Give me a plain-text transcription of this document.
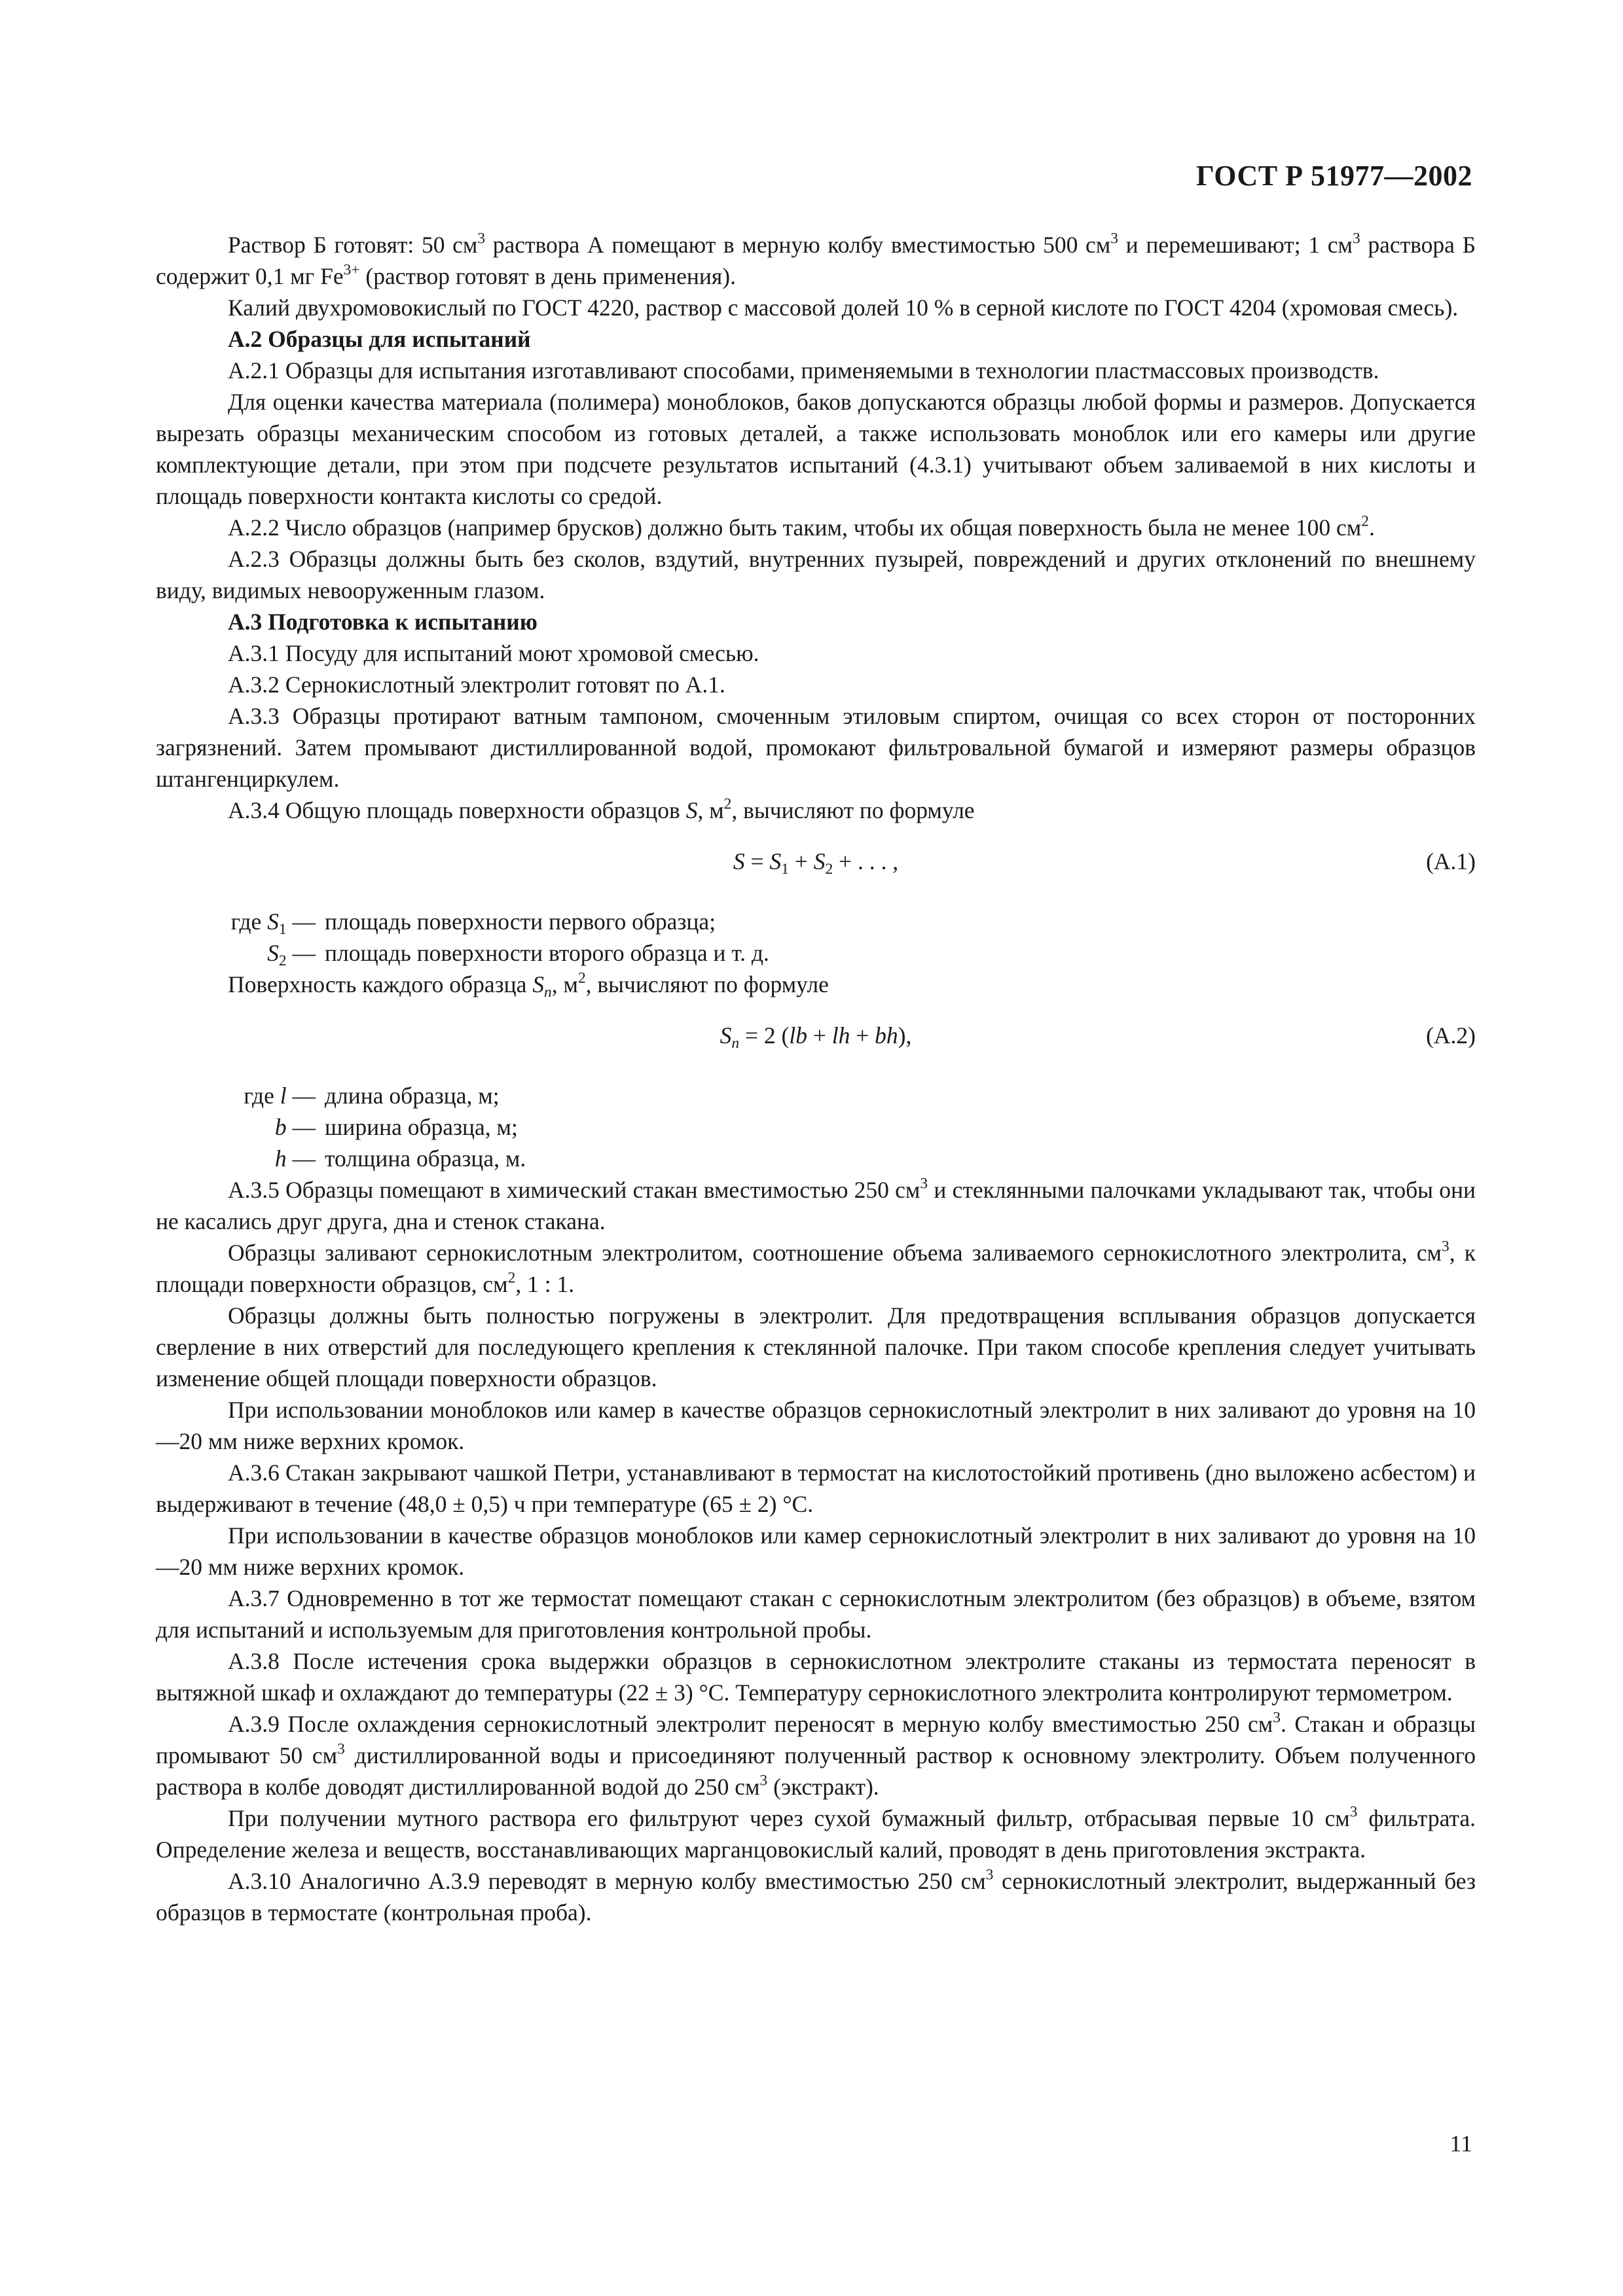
ГОСТ Р 51977—2002

Раствор Б готовят: 50 $см^3$ раствора А помещают в мерную колбу вместимостью 500 $см^3$ и перемешивают; 1 $см^3$ раствора Б содержит 0,1 мг $Fe^{3+}$ (раствор готовят в день применения).

Калий двухромовокислый по ГОСТ 4220, раствор с массовой долей 10 % в серной кислоте по ГОСТ 4204 (хромовая смесь).

А.2 Образцы для испытаний

А.2.1 Образцы для испытания изготавливают способами, применяемыми в технологии пластмассовых производств.

Для оценки качества материала (полимера) моноблоков, баков допускаются образцы любой формы и размеров. Допускается вырезать образцы механическим способом из готовых деталей, а также использовать моноблок или его камеры или другие комплектующие детали, при этом при подсчете результатов испытаний (4.3.1) учитывают объем заливаемой в них кислоты и площадь поверхности контакта кислоты со средой.

А.2.2 Число образцов (например брусков) должно быть таким, чтобы их общая поверхность была не менее 100 $см^2$.

А.2.3 Образцы должны быть без сколов, вздутий, внутренних пузырей, повреждений и других отклонений по внешнему виду, видимых невооруженным глазом.

А.3 Подготовка к испытанию

А.3.1 Посуду для испытаний моют хромовой смесью.

А.3.2 Сернокислотный электролит готовят по А.1.

А.3.3 Образцы протирают ватным тампоном, смоченным этиловым спиртом, очищая со всех сторон от посторонних загрязнений. Затем промывают дистиллированной водой, промокают фильтровальной бумагой и измеряют размеры образцов штангенциркулем.

А.3.4 Общую площадь поверхности образцов S, $м^2$, вычисляют по формуле

$S = S_1 + S_2$ + . . . ,	(А.1)
где $S_1$ — площадь поверхности первого образца;
$S_2$ — площадь поверхности второго образца и т. д.

Поверхность каждого образца $S_n$, $м^2$, вычисляют по формуле

$S_n = 2$ (lb + lh + bh),	(А.2)
где l — длина образца, м;
b — ширина образца, м;
h — толщина образца, м.

А.3.5 Образцы помещают в химический стакан вместимостью 250 $см^3$ и стеклянными палочками укладывают так, чтобы они не касались друг друга, дна и стенок стакана.

Образцы заливают сернокислотным электролитом, соотношение объема заливаемого сернокислотного электролита, $см^3$, к площади поверхности образцов, $см^2$, 1 : 1.

Образцы должны быть полностью погружены в электролит. Для предотвращения всплывания образцов допускается сверление в них отверстий для последующего крепления к стеклянной палочке. При таком способе крепления следует учитывать изменение общей площади поверхности образцов.

При использовании моноблоков или камер в качестве образцов сернокислотный электролит в них заливают до уровня на 10—20 мм ниже верхних кромок.

А.3.6 Стакан закрывают чашкой Петри, устанавливают в термостат на кислотостойкий противень (дно выложено асбестом) и выдерживают в течение (48,0 ± 0,5) ч при температуре (65 ± 2) °С.

При использовании в качестве образцов моноблоков или камер сернокислотный электролит в них заливают до уровня на 10—20 мм ниже верхних кромок.

А.3.7 Одновременно в тот же термостат помещают стакан с сернокислотным электролитом (без образцов) в объеме, взятом для испытаний и используемым для приготовления контрольной пробы.

А.3.8 После истечения срока выдержки образцов в сернокислотном электролите стаканы из термостата переносят в вытяжной шкаф и охлаждают до температуры (22 ± 3) °С. Температуру сернокислотного электролита контролируют термометром.

А.3.9 После охлаждения сернокислотный электролит переносят в мерную колбу вместимостью 250 $см^3$. Стакан и образцы промывают 50 $см^3$ дистиллированной воды и присоединяют полученный раствор к основному электролиту. Объем полученного раствора в колбе доводят дистиллированной водой до 250 $см^3$ (экстракт).

При получении мутного раствора его фильтруют через сухой бумажный фильтр, отбрасывая первые 10 $см^3$ фильтрата. Определение железа и веществ, восстанавливающих марганцовокислый калий, проводят в день приготовления экстракта.

А.3.10 Аналогично А.3.9 переводят в мерную колбу вместимостью 250 $см^3$ сернокислотный электролит, выдержанный без образцов в термостате (контрольная проба).

11
